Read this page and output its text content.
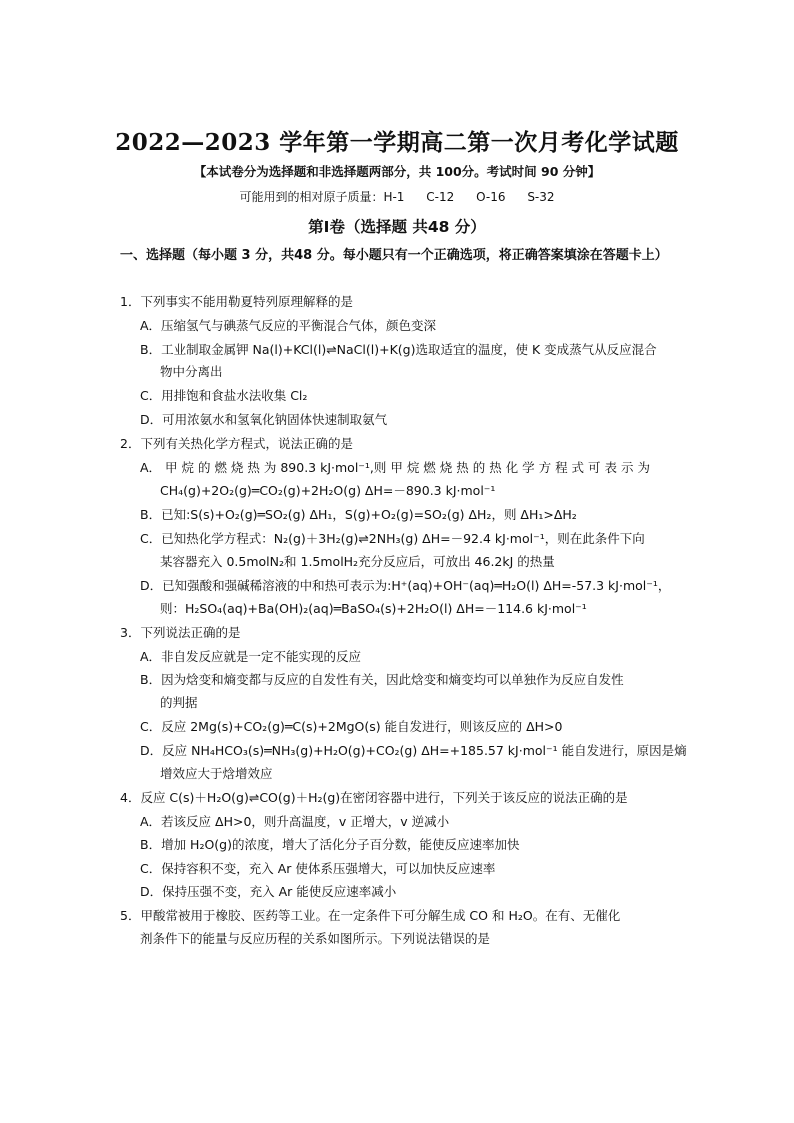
2022—2023 学年第一学期高二第一次月考化学试题
【本试卷分为选择题和非选择题两部分，共 100分。考试时间 90 分钟】
可能用到的相对原子质量：H-1 C-12 O-16 S-32
第Ⅰ卷（选择题 共48 分）
一、选择题（每小题 3 分，共48 分。每小题只有一个正确选项，将正确答案填涂在答题卡上）
1．下列事实不能用勒夏特列原理解释的是
A．压缩氢气与碘蒸气反应的平衡混合气体，颜色变深
B．工业制取金属钾 Na(l)+KCl(l)⇌NaCl(l)+K(g)选取适宜的温度，使 K 变成蒸气从反应混合
物中分离出
C．用排饱和食盐水法收集 Cl₂
D．可用浓氨水和氢氧化钠固体快速制取氨气
2．下列有关热化学方程式，说法正确的是
A． 甲 烷 的 燃 烧 热 为 890.3 kJ·mol⁻¹,则 甲 烷 燃 烧 热 的 热 化 学 方 程 式 可 表 示 为
CH₄(g)+2O₂(g)═CO₂(g)+2H₂O(g) ΔH=－890.3 kJ·mol⁻¹
B．已知:S(s)+O₂(g)═SO₂(g) ΔH₁，S(g)+O₂(g)=SO₂(g) ΔH₂，则 ΔH₁>ΔH₂
C．已知热化学方程式：N₂(g)＋3H₂(g)⇌2NH₃(g) ΔH=－92.4 kJ·mol⁻¹，则在此条件下向
某容器充入 0.5molN₂和 1.5molH₂充分反应后，可放出 46.2kJ 的热量
D．已知强酸和强碱稀溶液的中和热可表示为:H⁺(aq)+OH⁻(aq)═H₂O(l) ΔH=-57.3 kJ·mol⁻¹，
则：H₂SO₄(aq)+Ba(OH)₂(aq)═BaSO₄(s)+2H₂O(l) ΔH=－114.6 kJ·mol⁻¹
3．下列说法正确的是
A．非自发反应就是一定不能实现的反应
B．因为焓变和熵变都与反应的自发性有关，因此焓变和熵变均可以单独作为反应自发性
的判据
C．反应 2Mg(s)+CO₂(g)═C(s)+2MgO(s) 能自发进行，则该反应的 ΔH>0
D．反应 NH₄HCO₃(s)═NH₃(g)+H₂O(g)+CO₂(g) ΔH=+185.57 kJ·mol⁻¹ 能自发进行，原因是熵
增效应大于焓增效应
4．反应 C(s)＋H₂O(g)⇌CO(g)＋H₂(g)在密闭容器中进行，下列关于该反应的说法正确的是
A．若该反应 ΔH>0，则升高温度，v 正增大，v 逆减小
B．增加 H₂O(g)的浓度，增大了活化分子百分数，能使反应速率加快
C．保持容积不变，充入 Ar 使体系压强增大，可以加快反应速率
D．保持压强不变，充入 Ar 能使反应速率减小
5．甲酸常被用于橡胶、医药等工业。在一定条件下可分解生成 CO 和 H₂O。在有、无催化
剂条件下的能量与反应历程的关系如图所示。下列说法错误的是
